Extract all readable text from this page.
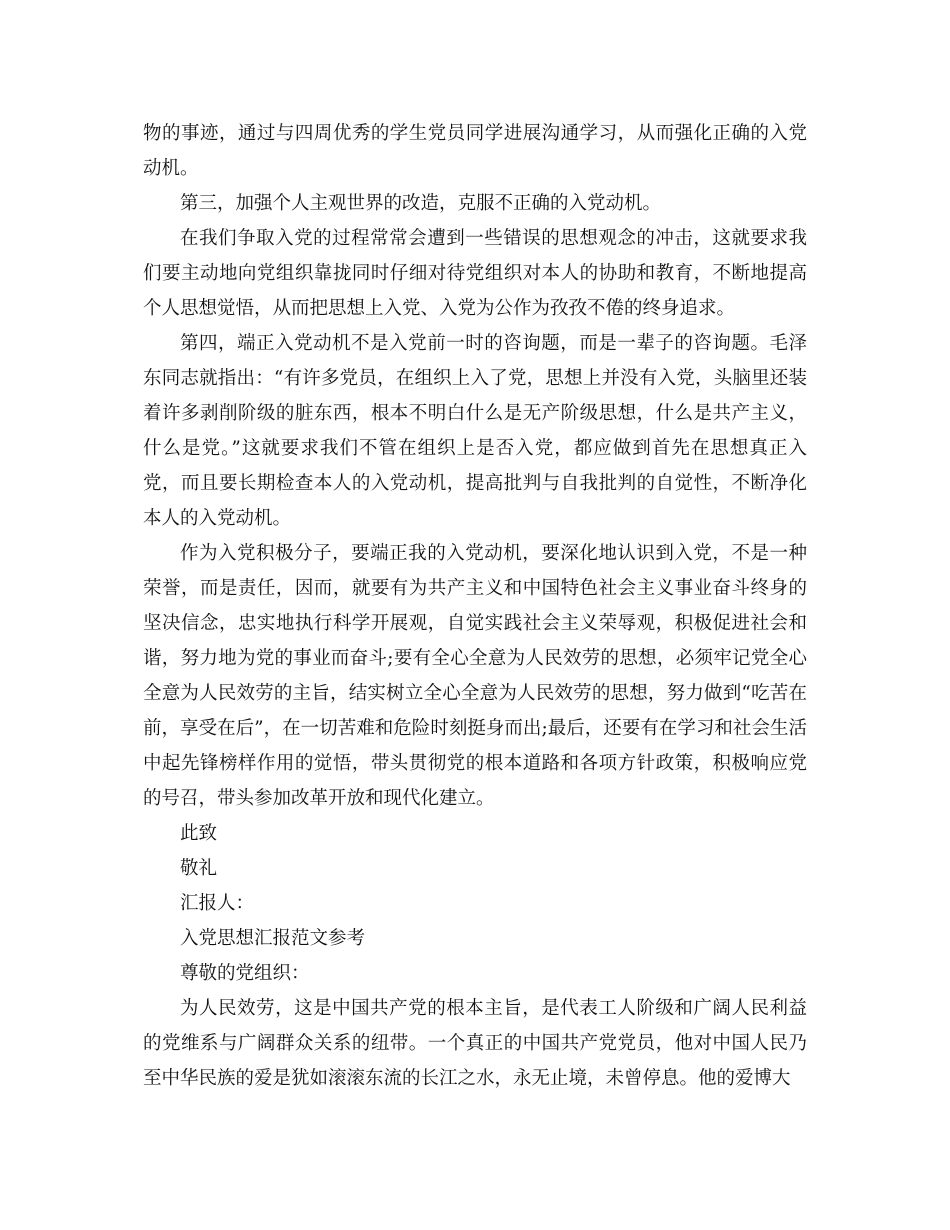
物的事迹，通过与四周优秀的学生党员同学进展沟通学习，从而强化正确的入党动机。

第三，加强个人主观世界的改造，克服不正确的入党动机。

在我们争取入党的过程常常会遭到一些错误的思想观念的冲击，这就要求我们要主动地向党组织靠拢同时仔细对待党组织对本人的协助和教育，不断地提高个人思想觉悟，从而把思想上入党、入党为公作为孜孜不倦的终身追求。

第四，端正入党动机不是入党前一时的咨询题，而是一辈子的咨询题。毛泽东同志就指出：“有许多党员，在组织上入了党，思想上并没有入党，头脑里还装着许多剥削阶级的脏东西，根本不明白什么是无产阶级思想，什么是共产主义，什么是党。”这就要求我们不管在组织上是否入党，都应做到首先在思想真正入党，而且要长期检查本人的入党动机，提高批判与自我批判的自觉性，不断净化本人的入党动机。

作为入党积极分子，要端正我的入党动机，要深化地认识到入党，不是一种荣誉，而是责任，因而，就要有为共产主义和中国特色社会主义事业奋斗终身的坚决信念，忠实地执行科学开展观，自觉实践社会主义荣辱观，积极促进社会和谐，努力地为党的事业而奋斗;要有全心全意为人民效劳的思想，必须牢记党全心全意为人民效劳的主旨，结实树立全心全意为人民效劳的思想，努力做到“吃苦在前，享受在后”，在一切苦难和危险时刻挺身而出;最后，还要有在学习和社会生活中起先锋榜样作用的觉悟，带头贯彻党的根本道路和各项方针政策，积极响应党的号召，带头参加改革开放和现代化建立。

此致

敬礼

汇报人：

入党思想汇报范文参考

尊敬的党组织：

为人民效劳，这是中国共产党的根本主旨，是代表工人阶级和广阔人民利益的党维系与广阔群众关系的纽带。一个真正的中国共产党党员，他对中国人民乃至中华民族的爱是犹如滚滚东流的长江之水，永无止境，未曾停息。他的爱博大
